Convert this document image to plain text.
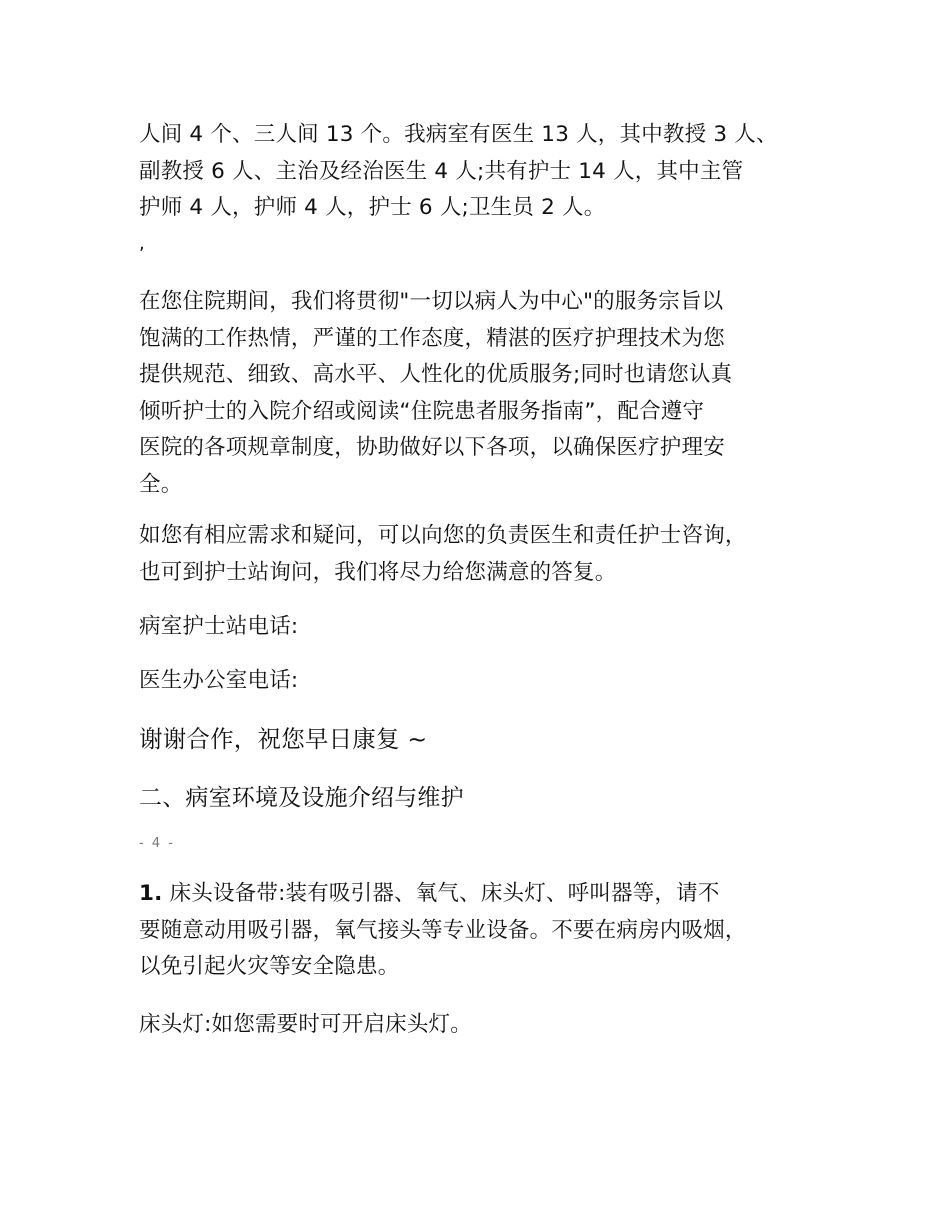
人间 4 个、三人间 13 个。我病室有医生 13 人，其中教授 3 人、
副教授 6 人、主治及经治医生 4 人;共有护士 14 人，其中主管
护师 4 人，护师 4 人，护士 6 人;卫生员 2 人。

,

在您住院期间，我们将贯彻"一切以病人为中心"的服务宗旨以
饱满的工作热情，严谨的工作态度，精湛的医疗护理技术为您
提供规范、细致、高水平、人性化的优质服务;同时也请您认真
倾听护士的入院介绍或阅读“住院患者服务指南”，配合遵守
医院的各项规章制度，协助做好以下各项，以确保医疗护理安
全。

如您有相应需求和疑问，可以向您的负责医生和责任护士咨询，
也可到护士站询问，我们将尽力给您满意的答复。

病室护士站电话:

医生办公室电话:

谢谢合作，祝您早日康复 ~

二、病室环境及设施介绍与维护

- 4 -

1. 床头设备带:装有吸引器、氧气、床头灯、呼叫器等，请不
要随意动用吸引器，氧气接头等专业设备。不要在病房内吸烟，
以免引起火灾等安全隐患。

床头灯:如您需要时可开启床头灯。
